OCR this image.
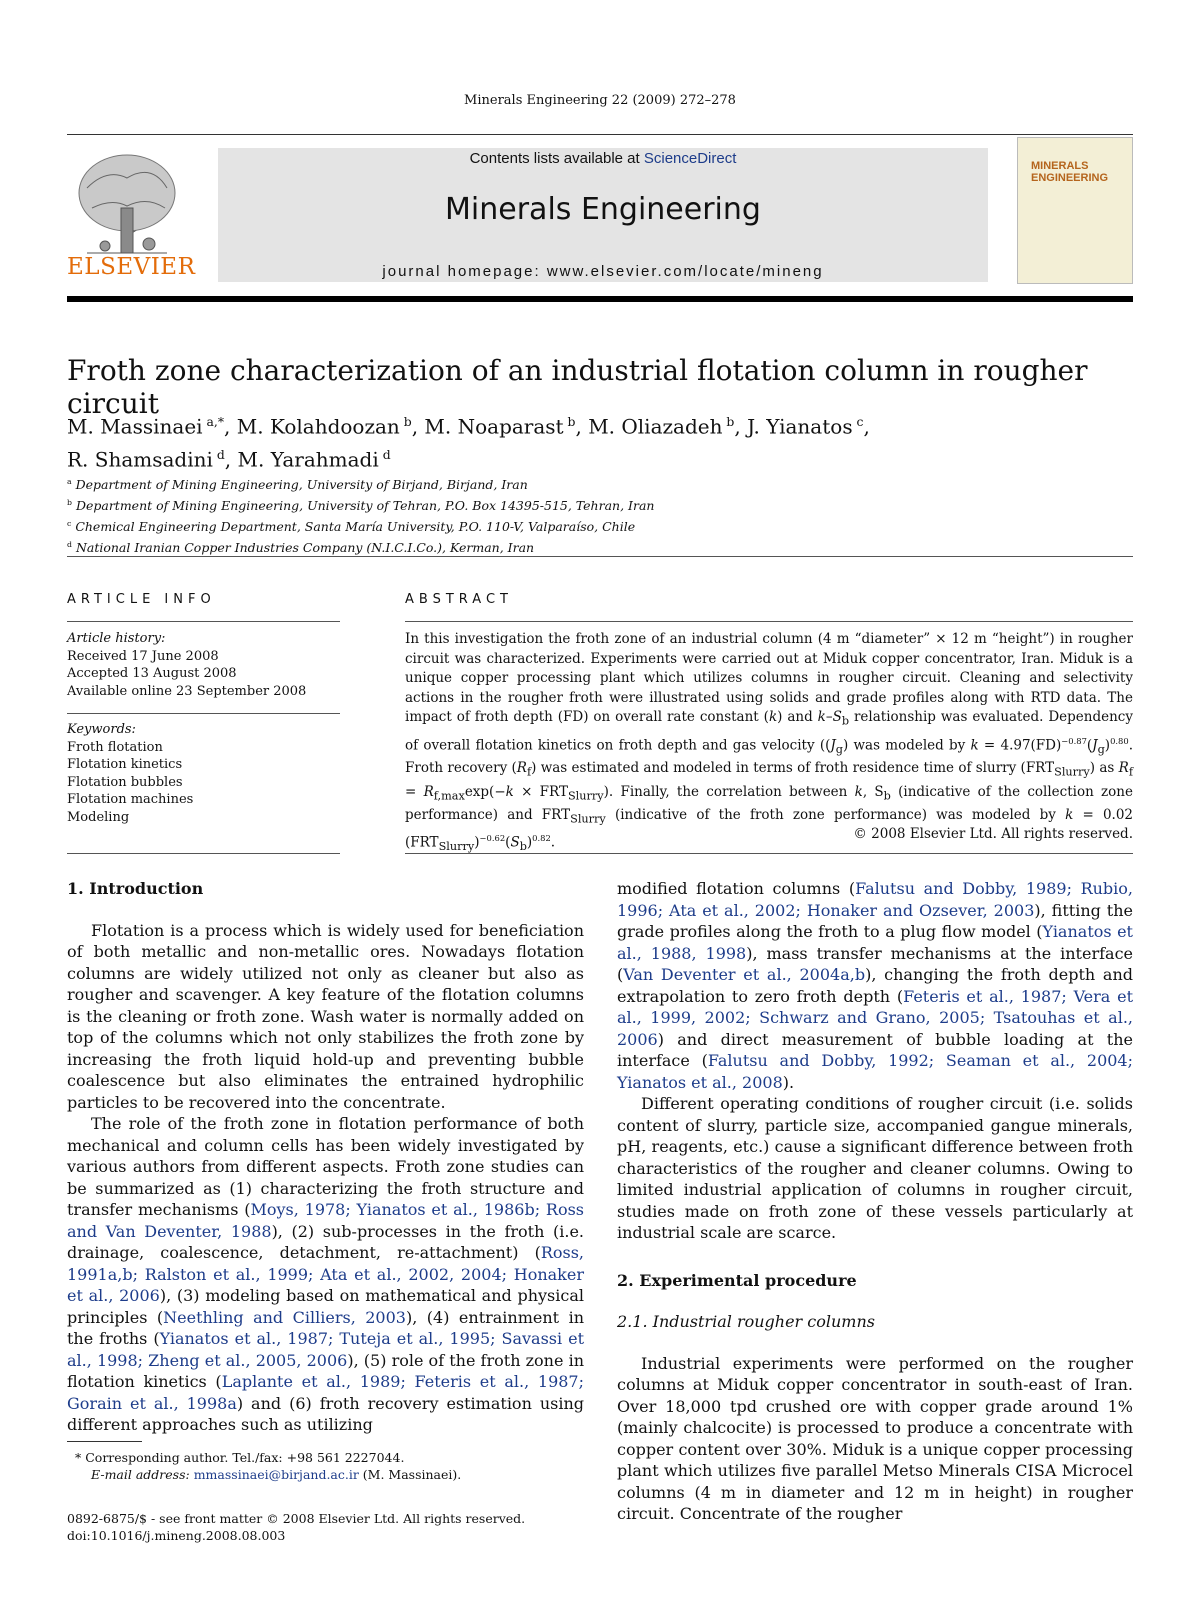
Minerals Engineering 22 (2009) 272–278
ELSEVIER
Contents lists available at ScienceDirect
Minerals Engineering
journal homepage: www.elsevier.com/locate/mineng
MINERALS
ENGINEERING
Froth zone characterization of an industrial flotation column in rougher circuit
M. Massinaei $^{a,*}$, M. Kolahdoozan $^b$, M. Noaparast $^b$, M. Oliazadeh $^b$, J. Yianatos $^c$,
R. Shamsadini $^d$, M. Yarahmadi $^d$
$^a$ Department of Mining Engineering, University of Birjand, Birjand, Iran
$^b$ Department of Mining Engineering, University of Tehran, P.O. Box 14395-515, Tehran, Iran
$^c$ Chemical Engineering Department, Santa María University, P.O. 110-V, Valparaíso, Chile
$^d$ National Iranian Copper Industries Company (N.I.C.I.Co.), Kerman, Iran
ARTICLE INFO
Article history:
Received 17 June 2008
Accepted 13 August 2008
Available online 23 September 2008
Keywords:
Froth flotation
Flotation kinetics
Flotation bubbles
Flotation machines
Modeling
ABSTRACT
In this investigation the froth zone of an industrial column (4 m “diameter” × 12 m “height”) in rougher circuit was characterized. Experiments were carried out at Miduk copper concentrator, Iran. Miduk is a unique copper processing plant which utilizes columns in rougher circuit. Cleaning and selectivity actions in the rougher froth were illustrated using solids and grade profiles along with RTD data. The impact of froth depth (FD) on overall rate constant (k) and $k-S_b$ relationship was evaluated. Dependency of overall flotation kinetics on froth depth and gas velocity ($(J_g)$ was modeled by $k = 4.97(FD)^{-0.87}(J_g)^{0.80}$. Froth recovery $(R_f)$ was estimated and modeled in terms of froth residence time of slurry $(FRT_{Slurry})$ as $R_f = R_{f,max}\exp(-k \times FRT_{Slurry})$. Finally, the correlation between k, $S_b$ (indicative of the collection zone performance) and $FRT_{Slurry}$ (indicative of the froth zone performance) was modeled by k = 0.02 $(FRT_{Slurry})^{-0.62}(S_b)^{0.82}$.
© 2008 Elsevier Ltd. All rights reserved.
1. Introduction

Flotation is a process which is widely used for beneficiation of both metallic and non-metallic ores. Nowadays flotation columns are widely utilized not only as cleaner but also as rougher and scavenger. A key feature of the flotation columns is the cleaning or froth zone. Wash water is normally added on top of the columns which not only stabilizes the froth zone by increasing the froth liquid hold-up and preventing bubble coalescence but also eliminates the entrained hydrophilic particles to be recovered into the concentrate.

The role of the froth zone in flotation performance of both mechanical and column cells has been widely investigated by various authors from different aspects. Froth zone studies can be summarized as (1) characterizing the froth structure and transfer mechanisms (Moys, 1978; Yianatos et al., 1986b; Ross and Van Deventer, 1988), (2) sub-processes in the froth (i.e. drainage, coalescence, detachment, re-attachment) (Ross, 1991a,b; Ralston et al., 1999; Ata et al., 2002, 2004; Honaker et al., 2006), (3) modeling based on mathematical and physical principles (Neethling and Cilliers, 2003), (4) entrainment in the froths (Yianatos et al., 1987; Tuteja et al., 1995; Savassi et al., 1998; Zheng et al., 2005, 2006), (5) role of the froth zone in flotation kinetics (Laplante et al., 1989; Feteris et al., 1987; Gorain et al., 1998a) and (6) froth recovery estimation using different approaches such as utilizing

modified flotation columns (Falutsu and Dobby, 1989; Rubio, 1996; Ata et al., 2002; Honaker and Ozsever, 2003), fitting the grade profiles along the froth to a plug flow model (Yianatos et al., 1988, 1998), mass transfer mechanisms at the interface (Van Deventer et al., 2004a,b), changing the froth depth and extrapolation to zero froth depth (Feteris et al., 1987; Vera et al., 1999, 2002; Schwarz and Grano, 2005; Tsatouhas et al., 2006) and direct measurement of bubble loading at the interface (Falutsu and Dobby, 1992; Seaman et al., 2004; Yianatos et al., 2008).

Different operating conditions of rougher circuit (i.e. solids content of slurry, particle size, accompanied gangue minerals, pH, reagents, etc.) cause a significant difference between froth characteristics of the rougher and cleaner columns. Owing to limited industrial application of columns in rougher circuit, studies made on froth zone of these vessels particularly at industrial scale are scarce.

2. Experimental procedure
2.1. Industrial rougher columns

Industrial experiments were performed on the rougher columns at Miduk copper concentrator in south-east of Iran. Over 18,000 tpd crushed ore with copper grade around 1% (mainly chalcocite) is processed to produce a concentrate with copper content over 30%. Miduk is a unique copper processing plant which utilizes five parallel Metso Minerals CISA Microcel columns (4 m in diameter and 12 m in height) in rougher circuit. Concentrate of the rougher

* Corresponding author. Tel./fax: +98 561 2227044.
E-mail address: mmassinaei@birjand.ac.ir (M. Massinaei).
0892-6875/$ - see front matter © 2008 Elsevier Ltd. All rights reserved.
doi:10.1016/j.mineng.2008.08.003
